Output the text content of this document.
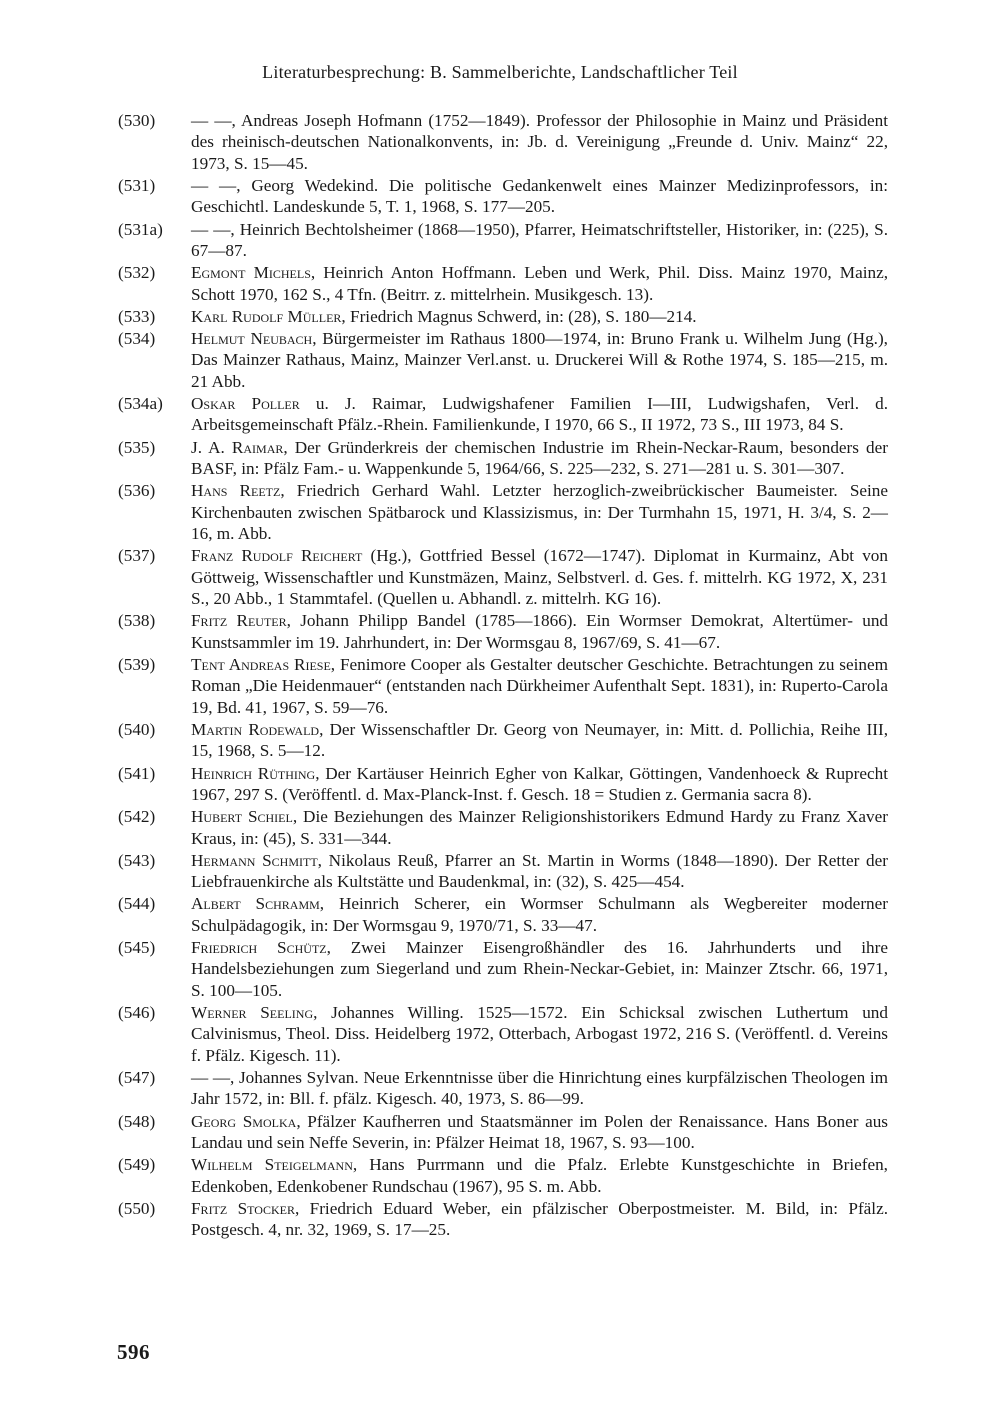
Literaturbesprechung: B. Sammelberichte, Landschaftlicher Teil
(530) — —, Andreas Joseph Hofmann (1752—1849). Professor der Philosophie in Mainz und Präsident des rheinisch-deutschen Nationalkonvents, in: Jb. d. Vereinigung „Freunde d. Univ. Mainz“ 22, 1973, S. 15—45.
(531) — —, Georg Wedekind. Die politische Gedankenwelt eines Mainzer Medizinprofessors, in: Geschichtl. Landeskunde 5, T. 1, 1968, S. 177—205.
(531a) — —, Heinrich Bechtolsheimer (1868—1950), Pfarrer, Heimatschriftsteller, Historiker, in: (225), S. 67—87.
(532) Egmont Michels, Heinrich Anton Hoffmann. Leben und Werk, Phil. Diss. Mainz 1970, Mainz, Schott 1970, 162 S., 4 Tfn. (Beitrr. z. mittelrhein. Musikgesch. 13).
(533) Karl Rudolf Müller, Friedrich Magnus Schwerd, in: (28), S. 180—214.
(534) Helmut Neubach, Bürgermeister im Rathaus 1800—1974, in: Bruno Frank u. Wilhelm Jung (Hg.), Das Mainzer Rathaus, Mainz, Mainzer Verl.anst. u. Druckerei Will & Rothe 1974, S. 185—215, m. 21 Abb.
(534a) Oskar Poller u. J. Raimar, Ludwigshafener Familien I—III, Ludwigshafen, Verl. d. Arbeitsgemeinschaft Pfälz.-Rhein. Familienkunde, I 1970, 66 S., II 1972, 73 S., III 1973, 84 S.
(535) J. A. Raimar, Der Gründerkreis der chemischen Industrie im Rhein-Neckar-Raum, besonders der BASF, in: Pfälz Fam.- u. Wappenkunde 5, 1964/66, S. 225—232, S. 271—281 u. S. 301—307.
(536) Hans Reetz, Friedrich Gerhard Wahl. Letzter herzoglich-zweibrückischer Baumeister. Seine Kirchenbauten zwischen Spätbarock und Klassizismus, in: Der Turmhahn 15, 1971, H. 3/4, S. 2—16, m. Abb.
(537) Franz Rudolf Reichert (Hg.), Gottfried Bessel (1672—1747). Diplomat in Kurmainz, Abt von Göttweig, Wissenschaftler und Kunstmäzen, Mainz, Selbstverl. d. Ges. f. mittelrh. KG 1972, X, 231 S., 20 Abb., 1 Stammtafel. (Quellen u. Abhandl. z. mittelrh. KG 16).
(538) Fritz Reuter, Johann Philipp Bandel (1785—1866). Ein Wormser Demokrat, Altertümer- und Kunstsammler im 19. Jahrhundert, in: Der Wormsgau 8, 1967/69, S. 41—67.
(539) Tent Andreas Riese, Fenimore Cooper als Gestalter deutscher Geschichte. Betrachtungen zu seinem Roman „Die Heidenmauer“ (entstanden nach Dürkheimer Aufenthalt Sept. 1831), in: Ruperto-Carola 19, Bd. 41, 1967, S. 59—76.
(540) Martin Rodewald, Der Wissenschaftler Dr. Georg von Neumayer, in: Mitt. d. Pollichia, Reihe III, 15, 1968, S. 5—12.
(541) Heinrich Rüthing, Der Kartäuser Heinrich Egher von Kalkar, Göttingen, Vandenhoeck & Ruprecht 1967, 297 S. (Veröffentl. d. Max-Planck-Inst. f. Gesch. 18 = Studien z. Germania sacra 8).
(542) Hubert Schiel, Die Beziehungen des Mainzer Religionshistorikers Edmund Hardy zu Franz Xaver Kraus, in: (45), S. 331—344.
(543) Hermann Schmitt, Nikolaus Reuß, Pfarrer an St. Martin in Worms (1848—1890). Der Retter der Liebfrauenkirche als Kultstätte und Baudenkmal, in: (32), S. 425—454.
(544) Albert Schramm, Heinrich Scherer, ein Wormser Schulmann als Wegbereiter moderner Schulpädagogik, in: Der Wormsgau 9, 1970/71, S. 33—47.
(545) Friedrich Schütz, Zwei Mainzer Eisengroßhändler des 16. Jahrhunderts und ihre Handelsbeziehungen zum Siegerland und zum Rhein-Neckar-Gebiet, in: Mainzer Ztschr. 66, 1971, S. 100—105.
(546) Werner Seeling, Johannes Willing. 1525—1572. Ein Schicksal zwischen Luthertum und Calvinismus, Theol. Diss. Heidelberg 1972, Otterbach, Arbogast 1972, 216 S. (Veröffentl. d. Vereins f. Pfälz. Kigesch. 11).
(547) — —, Johannes Sylvan. Neue Erkenntnisse über die Hinrichtung eines kurpfälzischen Theologen im Jahr 1572, in: Bll. f. pfälz. Kigesch. 40, 1973, S. 86—99.
(548) Georg Smolka, Pfälzer Kaufherren und Staatsmänner im Polen der Renaissance. Hans Boner aus Landau und sein Neffe Severin, in: Pfälzer Heimat 18, 1967, S. 93—100.
(549) Wilhelm Steigelmann, Hans Purrmann und die Pfalz. Erlebte Kunstgeschichte in Briefen, Edenkoben, Edenkobener Rundschau (1967), 95 S. m. Abb.
(550) Fritz Stocker, Friedrich Eduard Weber, ein pfälzischer Oberpostmeister. M. Bild, in: Pfälz. Postgesch. 4, nr. 32, 1969, S. 17—25.
596
